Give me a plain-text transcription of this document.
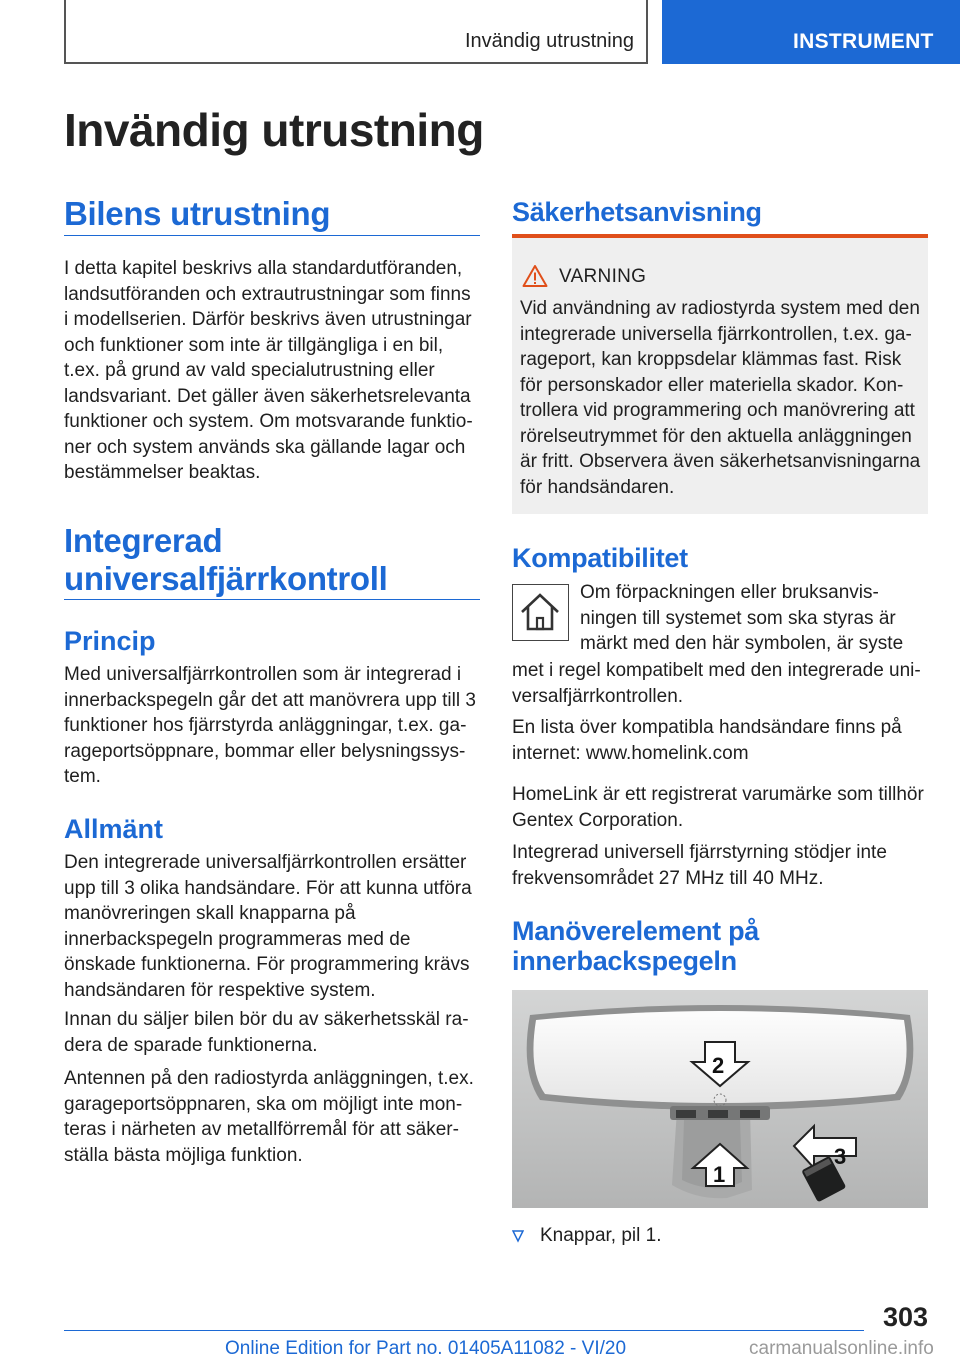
Invändig utrustning	INSTRUMENT
Invändig utrustning
Bilens utrustning

I detta kapitel beskrivs alla standardutföranden, landsutföranden och extrautrustningar som finns i modellserien. Därför beskrivs även utrustningar och funktioner som inte är tillgängliga i en bil, t.ex. på grund av vald specialutrustning eller landsvariant. Det gäller även säkerhetsrelevanta funktioner och system. Om motsvarande funktioner och system används ska gällande lagar och bestämmelser beaktas.

Integrerad universalfjärrkontroll
Princip

Med universalfjärrkontrollen som är integrerad i innerbackspegeln går det att manövrera upp till 3 funktioner hos fjärrstyrda anläggningar, t.ex. garageportsöppnare, bommar eller belysningssystem.

Allmänt

Den integrerade universalfjärrkontrollen ersätter upp till 3 olika handsändare. För att kunna utföra manövreringen skall knapparna på innerbackspegeln programmeras med de önskade funktionerna. För programmering krävs handsändaren för respektive system.

Innan du säljer bilen bör du av säkerhetsskäl radera de sparade funktionerna.

Antennen på den radiostyrda anläggningen, t.ex. garageportsöppnaren, ska om möjligt inte monteras i närheten av metallförremål för att säkerställa bästa möjliga funktion.

Säkerhetsanvisning
VARNING
Vid användning av radiostyrda system med den integrerade universella fjärrkontrollen, t.ex. garageport, kan kroppsdelar klämmas fast. Risk för personskador eller materiella skador. Kontrollera vid programmering och manövrering att rörelseutrymmet för den aktuella anläggningen är fritt. Observera även säkerhetsanvisningarna för handsändaren.
Kompatibilitet

Om förpackningen eller bruksanvisningen till systemet som ska styras är märkt med den här symbolen, är syste

met i regel kompatibelt med den integrerade universalfjärrkontrollen.

En lista över kompatibla handsändare finns på internet: www.homelink.com

HomeLink är ett registrerat varumärke som tillhör Gentex Corporation.

Integrerad universell fjärrstyrning stödjer inte frekvensområdet 27 MHz till 40 MHz.

Manöverelement på innerbackspegeln
2
1
3
Knappar, pil 1.
303
Online Edition for Part no. 01405A11082 - VI/20	carmanualsonline.info
